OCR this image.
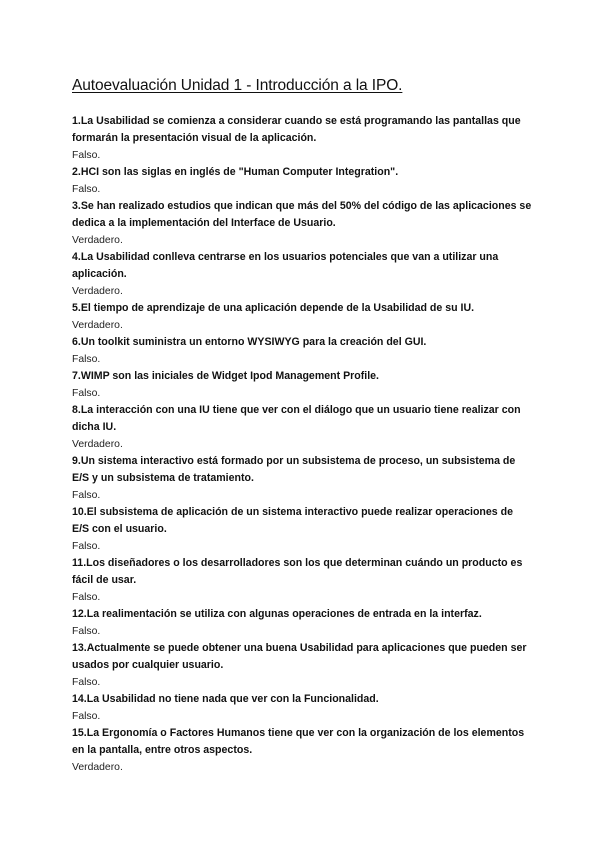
Autoevaluación Unidad 1 - Introducción a la IPO.

1.La Usabilidad se comienza a considerar cuando se está programando las pantallas que formarán la presentación visual de la aplicación.

Falso.

2.HCI son las siglas en inglés de "Human Computer Integration".

Falso.

3.Se han realizado estudios que indican que más del 50% del código de las aplicaciones se dedica a la implementación del Interface de Usuario.

Verdadero.

4.La Usabilidad conlleva centrarse en los usuarios potenciales que van a utilizar una aplicación.

Verdadero.

5.El tiempo de aprendizaje de una aplicación depende de la Usabilidad de su IU.

Verdadero.

6.Un toolkit suministra un entorno WYSIWYG para la creación del GUI.

Falso.

7.WIMP son las iniciales de Widget Ipod Management Profile.

Falso.

8.La interacción con una IU tiene que ver con el diálogo que un usuario tiene realizar con dicha IU.

Verdadero.

9.Un sistema interactivo está formado por un subsistema de proceso, un subsistema de E/S y un subsistema de tratamiento.

Falso.

10.El subsistema de aplicación de un sistema interactivo puede realizar operaciones de E/S con el usuario.

Falso.

11.Los diseñadores o los desarrolladores son los que determinan cuándo un producto es fácil de usar.

Falso.

12.La realimentación se utiliza con algunas operaciones de entrada en la interfaz.

Falso.

13.Actualmente se puede obtener una buena Usabilidad para aplicaciones que pueden ser usados por cualquier usuario.

Falso.

14.La Usabilidad no tiene nada que ver con la Funcionalidad.

Falso.

15.La Ergonomía o Factores Humanos tiene que ver con la organización de los elementos en la pantalla, entre otros aspectos.

Verdadero.
